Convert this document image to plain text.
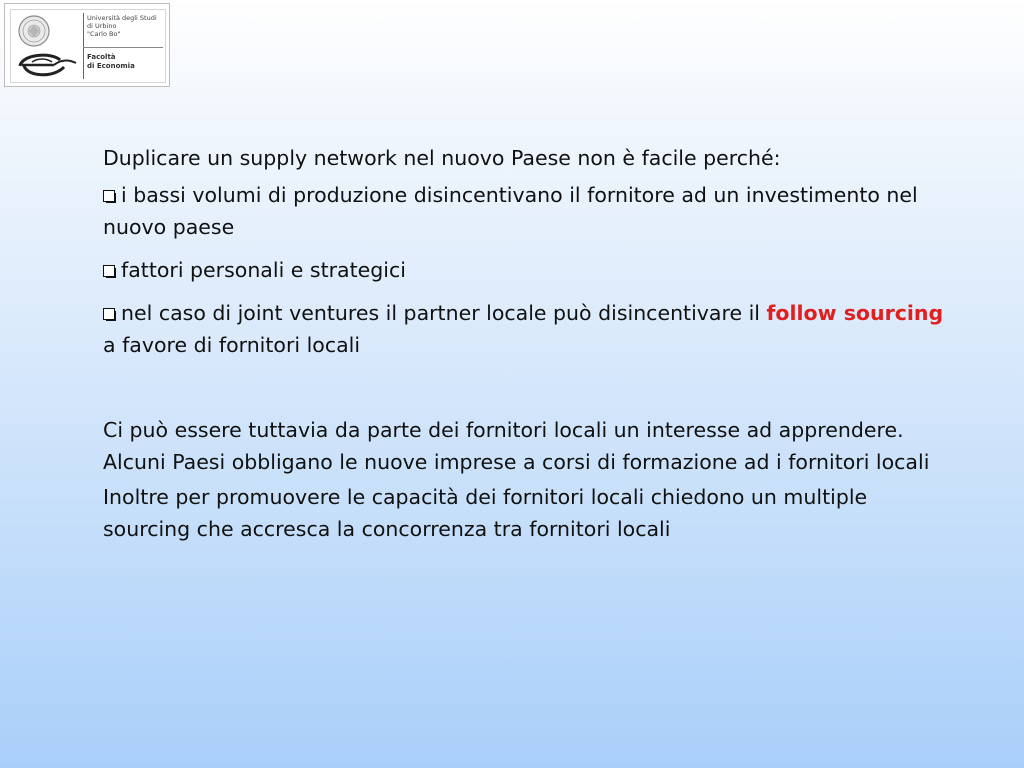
Università degli Studi
di Urbino
"Carlo Bo"
Facoltà
di Economia

Duplicare un supply network nel nuovo Paese non è facile perché:

i bassi volumi di produzione disincentivano il fornitore ad un investimento nel nuovo paese

fattori personali e strategici

nel caso di joint ventures il partner locale può disincentivare il follow sourcing a favore di fornitori locali

Ci può essere tuttavia da parte dei fornitori locali un interesse ad apprendere. Alcuni Paesi obbligano le nuove imprese a corsi di formazione ad i fornitori locali

Inoltre per promuovere le capacità dei fornitori locali chiedono un multiple sourcing che accresca la concorrenza tra fornitori locali
